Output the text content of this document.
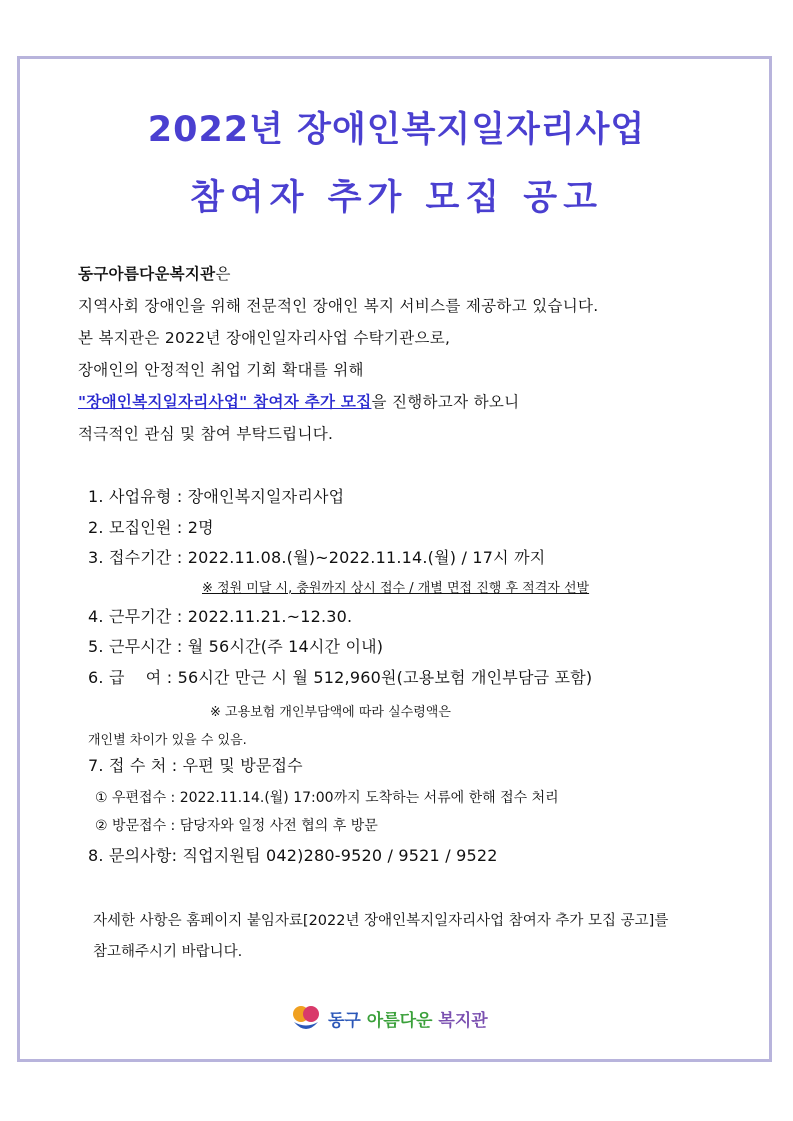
2022년 장애인복지일자리사업
참여자 추가 모집 공고
동구아름다운복지관은
지역사회 장애인을 위해 전문적인 장애인 복지 서비스를 제공하고 있습니다.
본 복지관은 2022년 장애인일자리사업 수탁기관으로,
장애인의 안정적인 취업 기회 확대를 위해
"장애인복지일자리사업" 참여자 추가 모집을 진행하고자 하오니
적극적인 관심 및 참여 부탁드립니다.
1. 사업유형 : 장애인복지일자리사업
2. 모집인원 : 2명
3. 접수기간 : 2022.11.08.(월)~2022.11.14.(월) / 17시 까지
※ 정원 미달 시, 충원까지 상시 접수 / 개별 면접 진행 후 적격자 선발
4. 근무기간 : 2022.11.21.~12.30.
5. 근무시간 : 월 56시간(주 14시간 이내)
6. 급    여 : 56시간 만근 시 월 512,960원(고용보험 개인부담금 포함)
※ 고용보험 개인부담액에 따라 실수령액은
개인별 차이가 있을 수 있음.
7. 접 수 처 : 우편 및 방문접수
① 우편접수 : 2022.11.14.(월) 17:00까지 도착하는 서류에 한해 접수 처리
② 방문접수 : 담당자와 일정 사전 협의 후 방문
8. 문의사항: 직업지원팀 042)280-9520 / 9521 / 9522
자세한 사항은 홈페이지 붙임자료[2022년 장애인복지일자리사업 참여자 추가 모집 공고]를
참고해주시기 바랍니다.
동구 아름다운 복지관
